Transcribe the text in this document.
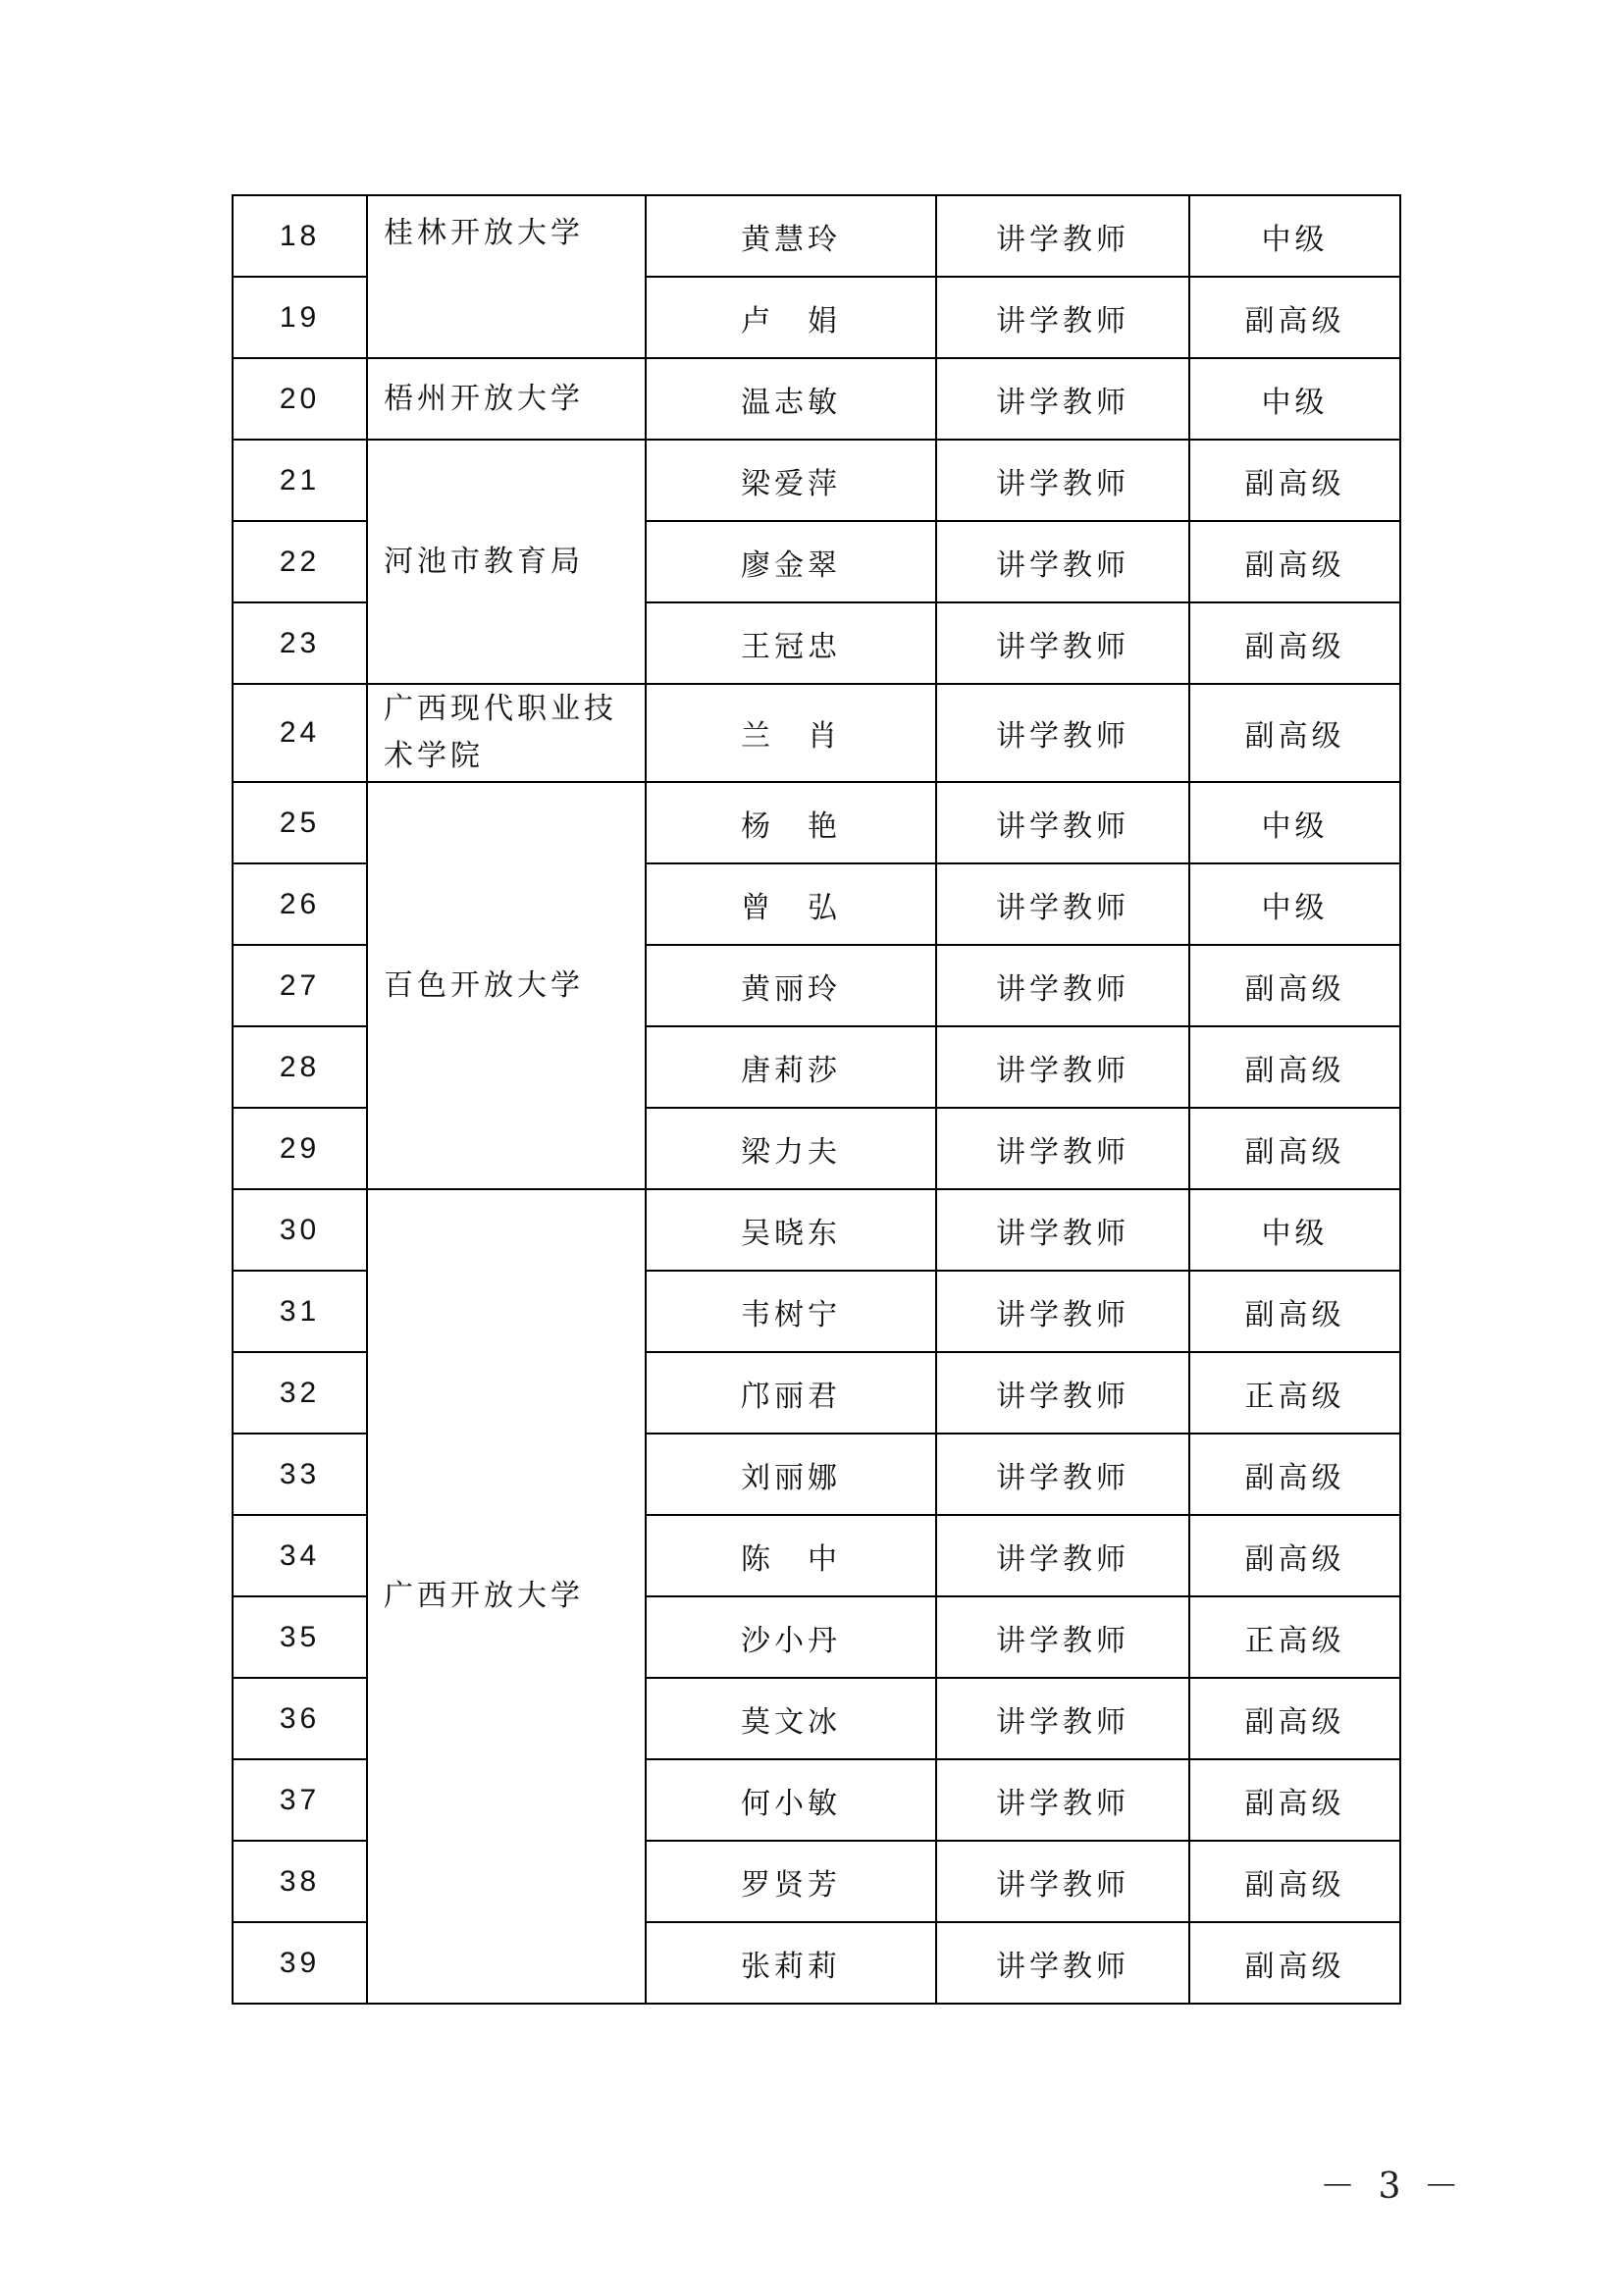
18	桂林开放大学	黄慧玲	讲学教师	中级
19		卢　娟	讲学教师	副高级
20	梧州开放大学	温志敏	讲学教师	中级
21	河池市教育局	梁爱萍	讲学教师	副高级
22		廖金翠	讲学教师	副高级
23		王冠忠	讲学教师	副高级
24	广西现代职业技术学院	兰　肖	讲学教师	副高级
25	百色开放大学	杨　艳	讲学教师	中级
26		曾　弘	讲学教师	中级
27		黄丽玲	讲学教师	副高级
28		唐莉莎	讲学教师	副高级
29		梁力夫	讲学教师	副高级
30	广西开放大学	吴晓东	讲学教师	中级
31		韦树宁	讲学教师	副高级
32		邝丽君	讲学教师	正高级
33		刘丽娜	讲学教师	副高级
34		陈　中	讲学教师	副高级
35		沙小丹	讲学教师	正高级
36		莫文冰	讲学教师	副高级
37		何小敏	讲学教师	副高级
38		罗贤芳	讲学教师	副高级
39		张莉莉	讲学教师	副高级
－ 3 －
